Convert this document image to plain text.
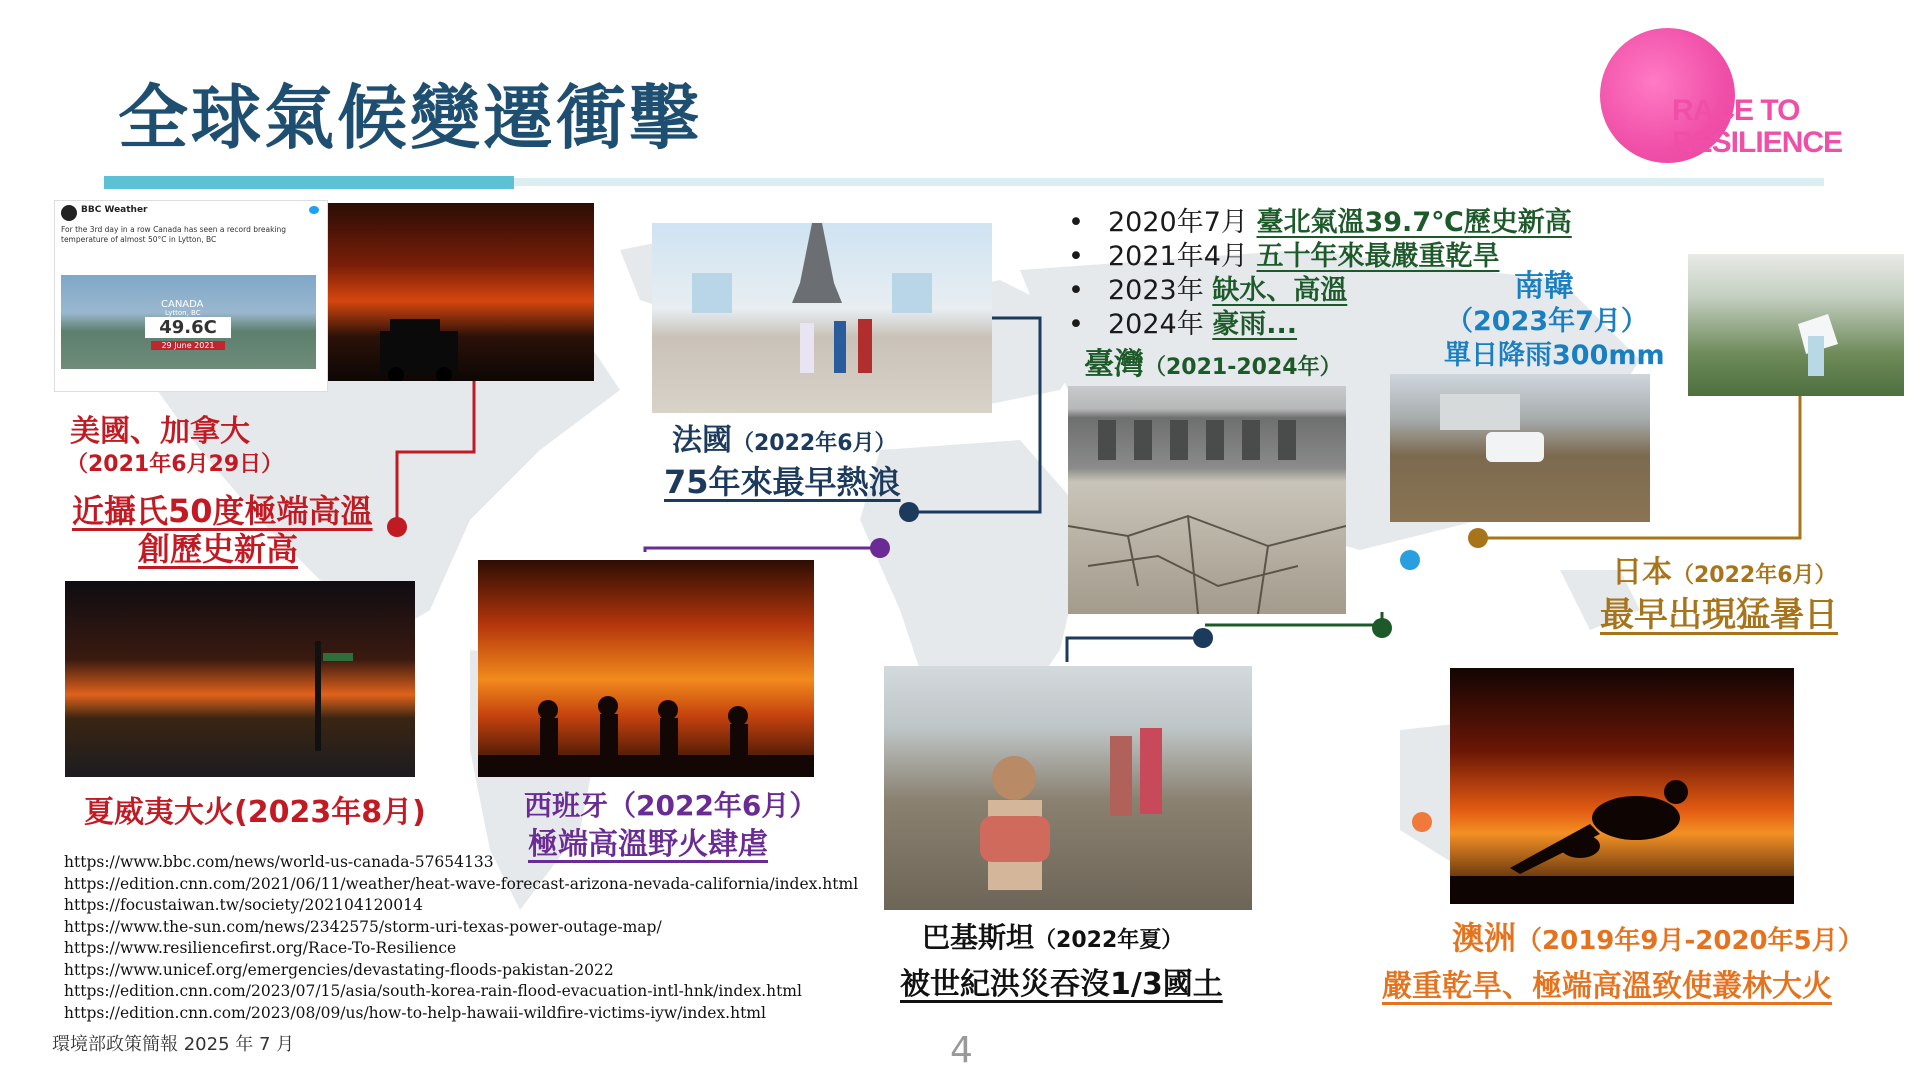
全球氣候變遷衝擊	RACE TO
RESILIENCE
BBC Weather
For the 3rd day in a row Canada has seen a record breaking temperature of almost 50°C in Lytton, BC
CANADA
Lytton, BC
49.6C
29 June 2021
美國、加拿大
（2021年6月29日）
近攝氏50度極端高溫
創歷史新高
法國（2022年6月）
75年來最早熱浪
• 2020年7月 臺北氣溫39.7℃歷史新高
• 2021年4月 五十年來最嚴重乾旱
• 2023年 缺水、高溫
• 2024年 豪雨...
臺灣（2021-2024年）
南韓
（2023年7月）
單日降雨300mm
日本（2022年6月）
最早出現猛暑日
夏威夷大火(2023年8月)	西班牙（2022年6月）
極端高溫野火肆虐
巴基斯坦（2022年夏）
被世紀洪災吞沒1/3國土
澳洲（2019年9月-2020年5月）
嚴重乾旱、極端高溫致使叢林大火
https://www.bbc.com/news/world-us-canada-57654133
https://edition.cnn.com/2021/06/11/weather/heat-wave-forecast-arizona-nevada-california/index.html
https://focustaiwan.tw/society/202104120014
https://www.the-sun.com/news/2342575/storm-uri-texas-power-outage-map/
https://www.resiliencefirst.org/Race-To-Resilience
https://www.unicef.org/emergencies/devastating-floods-pakistan-2022
https://edition.cnn.com/2023/07/15/asia/south-korea-rain-flood-evacuation-intl-hnk/index.html
https://edition.cnn.com/2023/08/09/us/how-to-help-hawaii-wildfire-victims-iyw/index.html
環境部政策簡報 2025 年 7 月	4
